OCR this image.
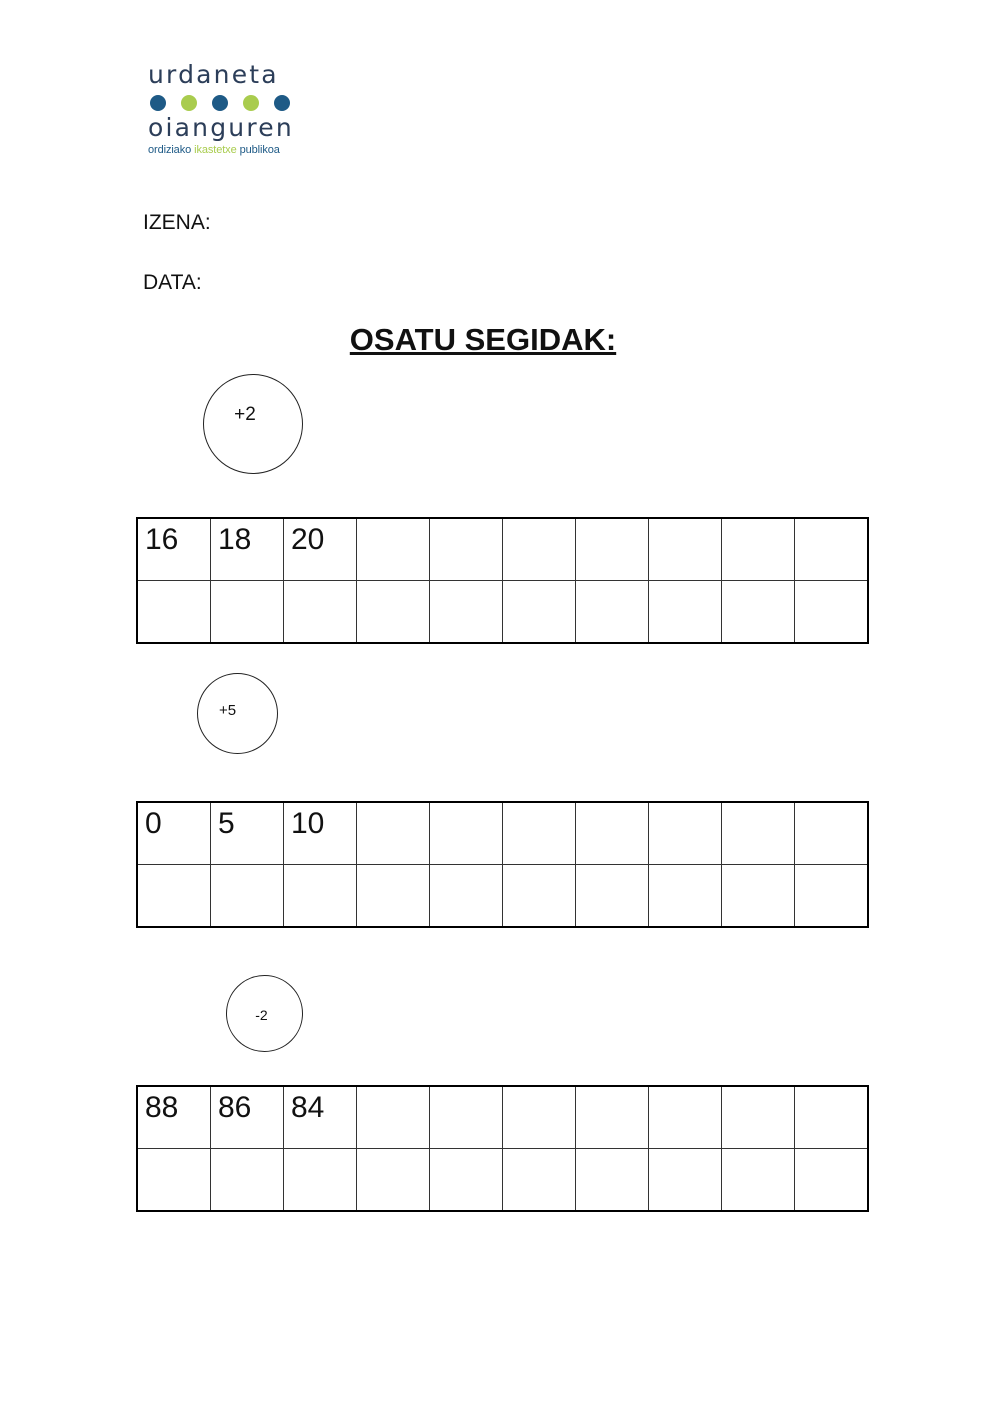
urdaneta
oianguren
ordiziako ikastetxe publikoa
IZENA:
DATA:
OSATU SEGIDAK:
+2
16	18	20							

+5
0	5	10							

-2
88	86	84							
